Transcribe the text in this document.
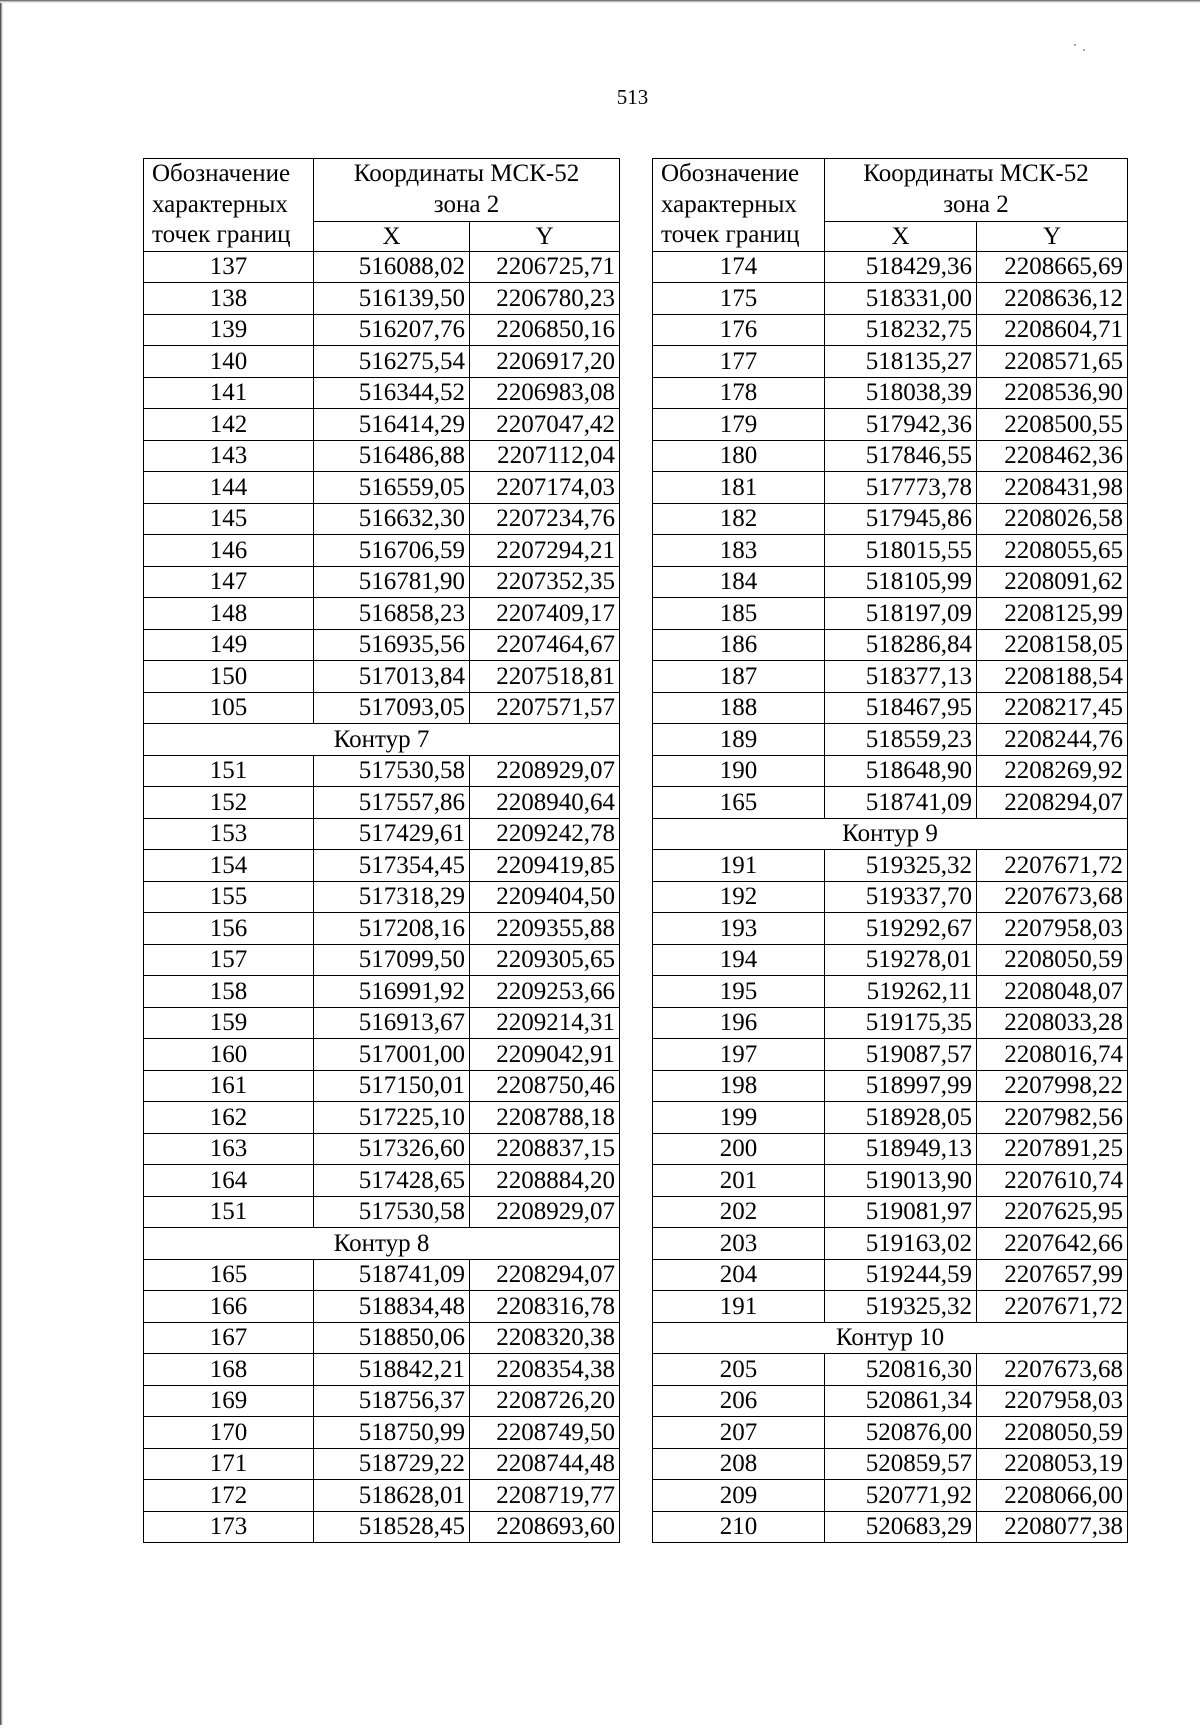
513
Обозначение
характерных
точек границ	Координаты МСК-52
зона 2	

	X	Y
137	516088,02	2206725,71
138	516139,50	2206780,23
139	516207,76	2206850,16
140	516275,54	2206917,20
141	516344,52	2206983,08
142	516414,29	2207047,42
143	516486,88	2207112,04
144	516559,05	2207174,03
145	516632,30	2207234,76
146	516706,59	2207294,21
147	516781,90	2207352,35
148	516858,23	2207409,17
149	516935,56	2207464,67
150	517013,84	2207518,81
105	517093,05	2207571,57
Контур 7		
151	517530,58	2208929,07
152	517557,86	2208940,64
153	517429,61	2209242,78
154	517354,45	2209419,85
155	517318,29	2209404,50
156	517208,16	2209355,88
157	517099,50	2209305,65
158	516991,92	2209253,66
159	516913,67	2209214,31
160	517001,00	2209042,91
161	517150,01	2208750,46
162	517225,10	2208788,18
163	517326,60	2208837,15
164	517428,65	2208884,20
151	517530,58	2208929,07
Контур 8		
165	518741,09	2208294,07
166	518834,48	2208316,78
167	518850,06	2208320,38
168	518842,21	2208354,38
169	518756,37	2208726,20
170	518750,99	2208749,50
171	518729,22	2208744,48
172	518628,01	2208719,77
173	518528,45	2208693,60
Обозначение
характерных
точек границ	Координаты МСК-52
зона 2	

	X	Y
174	518429,36	2208665,69
175	518331,00	2208636,12
176	518232,75	2208604,71
177	518135,27	2208571,65
178	518038,39	2208536,90
179	517942,36	2208500,55
180	517846,55	2208462,36
181	517773,78	2208431,98
182	517945,86	2208026,58
183	518015,55	2208055,65
184	518105,99	2208091,62
185	518197,09	2208125,99
186	518286,84	2208158,05
187	518377,13	2208188,54
188	518467,95	2208217,45
189	518559,23	2208244,76
190	518648,90	2208269,92
165	518741,09	2208294,07
Контур 9		
191	519325,32	2207671,72
192	519337,70	2207673,68
193	519292,67	2207958,03
194	519278,01	2208050,59
195	519262,11	2208048,07
196	519175,35	2208033,28
197	519087,57	2208016,74
198	518997,99	2207998,22
199	518928,05	2207982,56
200	518949,13	2207891,25
201	519013,90	2207610,74
202	519081,97	2207625,95
203	519163,02	2207642,66
204	519244,59	2207657,99
191	519325,32	2207671,72
Контур 10		
205	520816,30	2207673,68
206	520861,34	2207958,03
207	520876,00	2208050,59
208	520859,57	2208053,19
209	520771,92	2208066,00
210	520683,29	2208077,38
